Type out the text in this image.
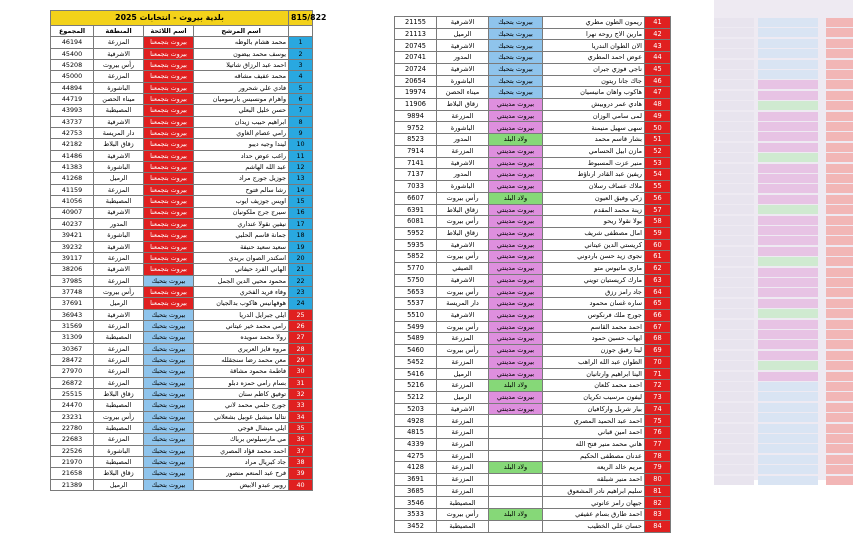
815/822	بلدية بيروت - انتخابات 2025			
	اسم المرشح	اسم اللائحة	المنطقة	المجموع
1	محمد هشام بالوظه	بيروت بتجمعنا	المزرعة	46194
2	يوسف محمد بيضون	بيروت بتجمعنا	الاشرفية	45400
3	احمد عبد الرزاق شاتيلا	بيروت بتجمعنا	رأس بيروت	45208
4	محمد عفيف مشاقه	بيروت بتجمعنا	المزرعة	45000
5	فادي علي شحرور	بيروت بتجمعنا	الباشورة	44894
6	واهرام مونسيس بارسوميان	بيروت بتجمعنا	ميناء الحصن	44719
7	حسن خليل البعلي	بيروت بتجمعنا	المصيطبة	43993
8	ابراهيم حبيب زيدان	بيروت بتجمعنا	الاشرفية	43737
9	رامي عصام الغاوي	بيروت بتجمعنا	دار المريسة	42753
10	ليندا وجيه ديبو	بيروت بتجمعنا	زقاق البلاط	42182
11	راغب عوض حداد	بيروت بتجمعنا	الاشرفية	41486
12	عبد الله الهاشم	بيروت بتجمعنا	الباشورة	41383
13	جوزيل جورج مراد	بيروت بتجمعنا	الرميل	41268
14	رشا سالم فتوح	بيروت بتجمعنا	المزرعة	41159
15	اويس جوزيف ايوب	بيروت بتجمعنا	المصيطبة	41056
16	سيرج جرج ملكونيان	بيروت بتجمعنا	الاشرفية	40907
17	نيفين نقولا عنداري	بيروت بتجمعنا	المدور	40237
18	جمانة قاسم الحلبي	بيروت بتجمعنا	الباشورة	39421
19	سعيد سعيد حنيفة	بيروت بتجمعنا	الاشرفية	39232
20	اسكندر الصوان بريدي	بيروت بتجمعنا	المزرعة	39117
21	الهاني الفرد حيفاني	بيروت بتجمعنا	الاشرفية	38206
22	محمود محيي الدين الجمل	بيروت بتحبك	المزرعة	37985
23	وفاء فريد الفخري	بيروت بتجمعنا	رأس بيروت	37748
24	هوفهانيس هاكوب بدالجيان	بيروت بتجمعنا	الرميل	37691
25	ايلي جبرايل الدريا	بيروت بتحبك	الاشرفية	36943
26	رامي محمد خير عيتاني	بيروت بتحبك	المزرعة	31569
27	رولا محمد سويده	بيروت بتحبك	المصيطبة	31309
28	مروه فايز العريري	بيروت بتحبك	المزرعة	30367
29	معن محمد رضا سنجقلله	بيروت بتحبك	المزرعة	28472
30	فاطمة محمود مشاقة	بيروت بتحبك	المزرعة	27970
31	بسام رامي حمزه دبلو	بيروت بتحبك	المزرعة	26872
32	توفيق كاظم سنان	بيروت بتحبك	زقاق البلاط	25515
33	جورج حلمي محمد لاني	بيروت بتحبك	المصيطبة	24470
34	نتاليا ميشيل غوبيل بشعلاني	بيروت بتحبك	رأس بيروت	23231
35	ايلي ميشال فوجي	بيروت بتحبك	المصيطبة	22780
36	مي مارسيلوس برباك	بيروت بتحبك	المزرعة	22683
37	احمد محمد فؤاد المصري	بيروت بتحبك	الباشورة	22526
38	جاد كبريال مراد	بيروت بتحبك	المصيطبة	21970
39	فرح عبد المنعم منصور	بيروت بتحبك	زقاق البلاط	21658
40	روبير عبدو الابيض	بيروت بتحبك	الرميل	21389
41	ريمون الطون مطري	بيروت بتحبك	الاشرفية	21155
42	مارين الاج روحه نهرا	بيروت بتحبك	الرميل	21113
43	الان الطوان الندريا	بيروت بتحبك	الاشرفية	20745
44	عوض احمد المطري	بيروت بتحبك	المدور	20741
45	ناجي فوزي جبران	بيروت بتحبك	الاشرفية	20724
46	جاك جانا ريتون	بيروت بتحبك	الباشورة	20654
47	هاكوب واهان مانيسيان	بيروت بتحبك	ميناء الحصن	19974
48	هادي عمر دروبيش	بيروت مدينتي	زقاق البلاط	11906
49	لمى سامي الوزان	بيروت مدينتي	المزرعة	9894
50	سهى سهيل منيمنة	بيروت مدينتي	الباشورة	9752
51	بشار قاسم محمد	ولاد البلد	المدور	8523
52	مازن ابيل الحسامي	بيروت مدينتي	المزرعة	7914
53	منير عزت المسبوط	بيروت مدينتي	الاشرفية	7141
54	ريفين عبد القادر ارناؤط	بيروت مدينتي	المدور	7137
55	ملاك عساف رسلان	بيروت مدينتي	الباشورة	7033
56	زكي وفيق العيون	ولاد البلد	رأس بيروت	6607
57	زينة محمد المقدم	بيروت مدينتي	زقاق البلاط	6391
58	بولا نقولا ريحو	بيروت مدينتي	رأس بيروت	6081
59	امال مصطفى شريف	بيروت مدينتي	زقاق البلاط	5952
60	كريستي الدين عيتاني	بيروت مدينتي	الاشرفية	5935
61	نجوى زيد حسن باردوني	بيروت مدينتي	رأس بيروت	5852
62	ماري ماتيوس متو	بيروت مدينتي	الصيفي	5770
63	مارك كريستيان تويني	بيروت مدينتي	الاشرفية	5750
64	جاد رامز رزق	بيروت مدينتي	رأس بيروت	5653
65	ساره غسان محمود	بيروت مدينتي	دار المريسة	5537
66	جورج ملك فرنكوس	بيروت مدينتي	الاشرفية	5510
67	احمد محمد القاسم	بيروت مدينتي	رأس بيروت	5499
68	ايهاب حسين حمود	بيروت مدينتي	المزرعة	5489
69	ليتا رفيق جوزن	بيروت مدينتي	رأس بيروت	5460
70	الطوان عبد الله الراهب	بيروت مدينتي	المزرعة	5452
71	الينا ابراهيم وارتانيان	بيروت مدينتي	الرميل	5416
72	احمد محمد كلعان	ولاد البلد	المزرعة	5216
73	ليفون مرسيب تكريان	بيروت مدينتي	الرميل	5212
74	بيار شربل واركافيان	بيروت مدينتي	الاشرفية	5203
75	احمد عبد الحميد المصري		المزرعة	4928
76	احمد امين قباني		المزرعة	4815
77	هاني محمد منير فتح الله		المزرعة	4339
78	عدنان مصطفى الحكيم		المزرعة	4275
79	مريم خالد الريعه	ولاد البلد	المزرعة	4128
80	احمد منير شبلقه		المزرعة	3691
81	سليم ابراهيم نادر المشعوق		المزرعة	3685
82	جيهان رامز عانوتي		المصيطبة	3546
83	احمد طارق بسام عفيفي	ولاد البلد	رأس بيروت	3533
84	حسان علي الخطيب		المصيطبة	3452
